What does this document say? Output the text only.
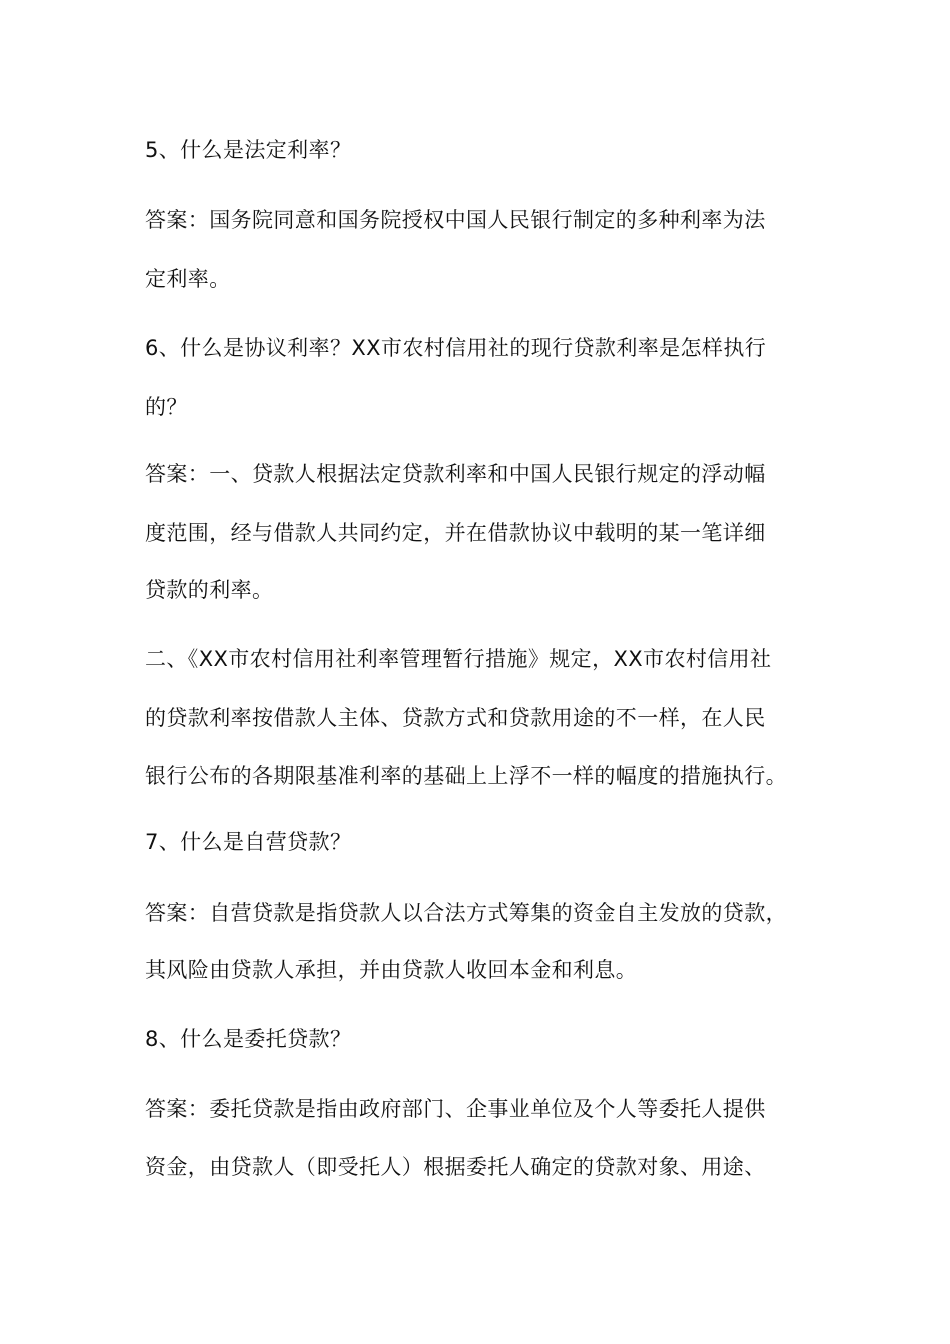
5、什么是法定利率？
答案：国务院同意和国务院授权中国人民银行制定的多种利率为法
定利率。
6、什么是协议利率？XX市农村信用社的现行贷款利率是怎样执行
的？
答案：一、贷款人根据法定贷款利率和中国人民银行规定的浮动幅
度范围，经与借款人共同约定，并在借款协议中载明的某一笔详细
贷款的利率。
二、《XX市农村信用社利率管理暂行措施》规定，XX市农村信用社
的贷款利率按借款人主体、贷款方式和贷款用途的不一样，在人民
银行公布的各期限基准利率的基础上上浮不一样的幅度的措施执行。
7、什么是自营贷款？
答案：自营贷款是指贷款人以合法方式筹集的资金自主发放的贷款，
其风险由贷款人承担，并由贷款人收回本金和利息。
8、什么是委托贷款？
答案：委托贷款是指由政府部门、企事业单位及个人等委托人提供
资金，由贷款人（即受托人）根据委托人确定的贷款对象、用途、
